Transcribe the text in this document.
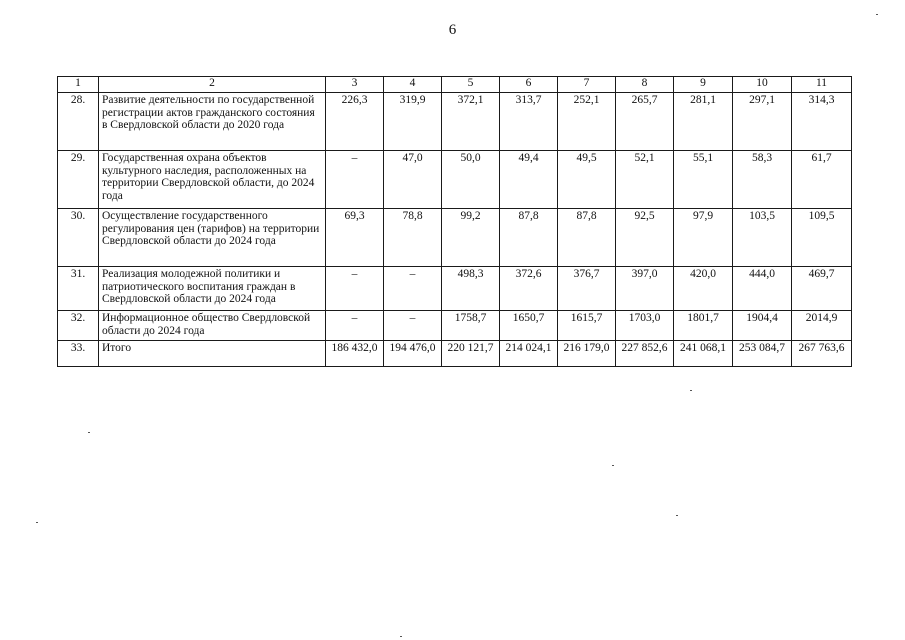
6
1	2	3	4	5	6	7	8	9	10	11
28.	Развитие деятельности по государственной регистрации актов гражданского состояния в Свердловской области до 2020 года	226,3	319,9	372,1	313,7	252,1	265,7	281,1	297,1	314,3
29.	Государственная охрана объектов культурного наследия, расположенных на территории Свердловской области, до 2024 года	–	47,0	50,0	49,4	49,5	52,1	55,1	58,3	61,7
30.	Осуществление государственного регулирования цен (тарифов) на территории Свердловской области до 2024 года	69,3	78,8	99,2	87,8	87,8	92,5	97,9	103,5	109,5
31.	Реализация молодежной политики и патриотического воспитания граждан в Свердловской области до 2024 года	–	–	498,3	372,6	376,7	397,0	420,0	444,0	469,7
32.	Информационное общество Свердловской области до 2024 года	–	–	1758,7	1650,7	1615,7	1703,0	1801,7	1904,4	2014,9
33.	Итого	186 432,0	194 476,0	220 121,7	214 024,1	216 179,0	227 852,6	241 068,1	253 084,7	267 763,6
